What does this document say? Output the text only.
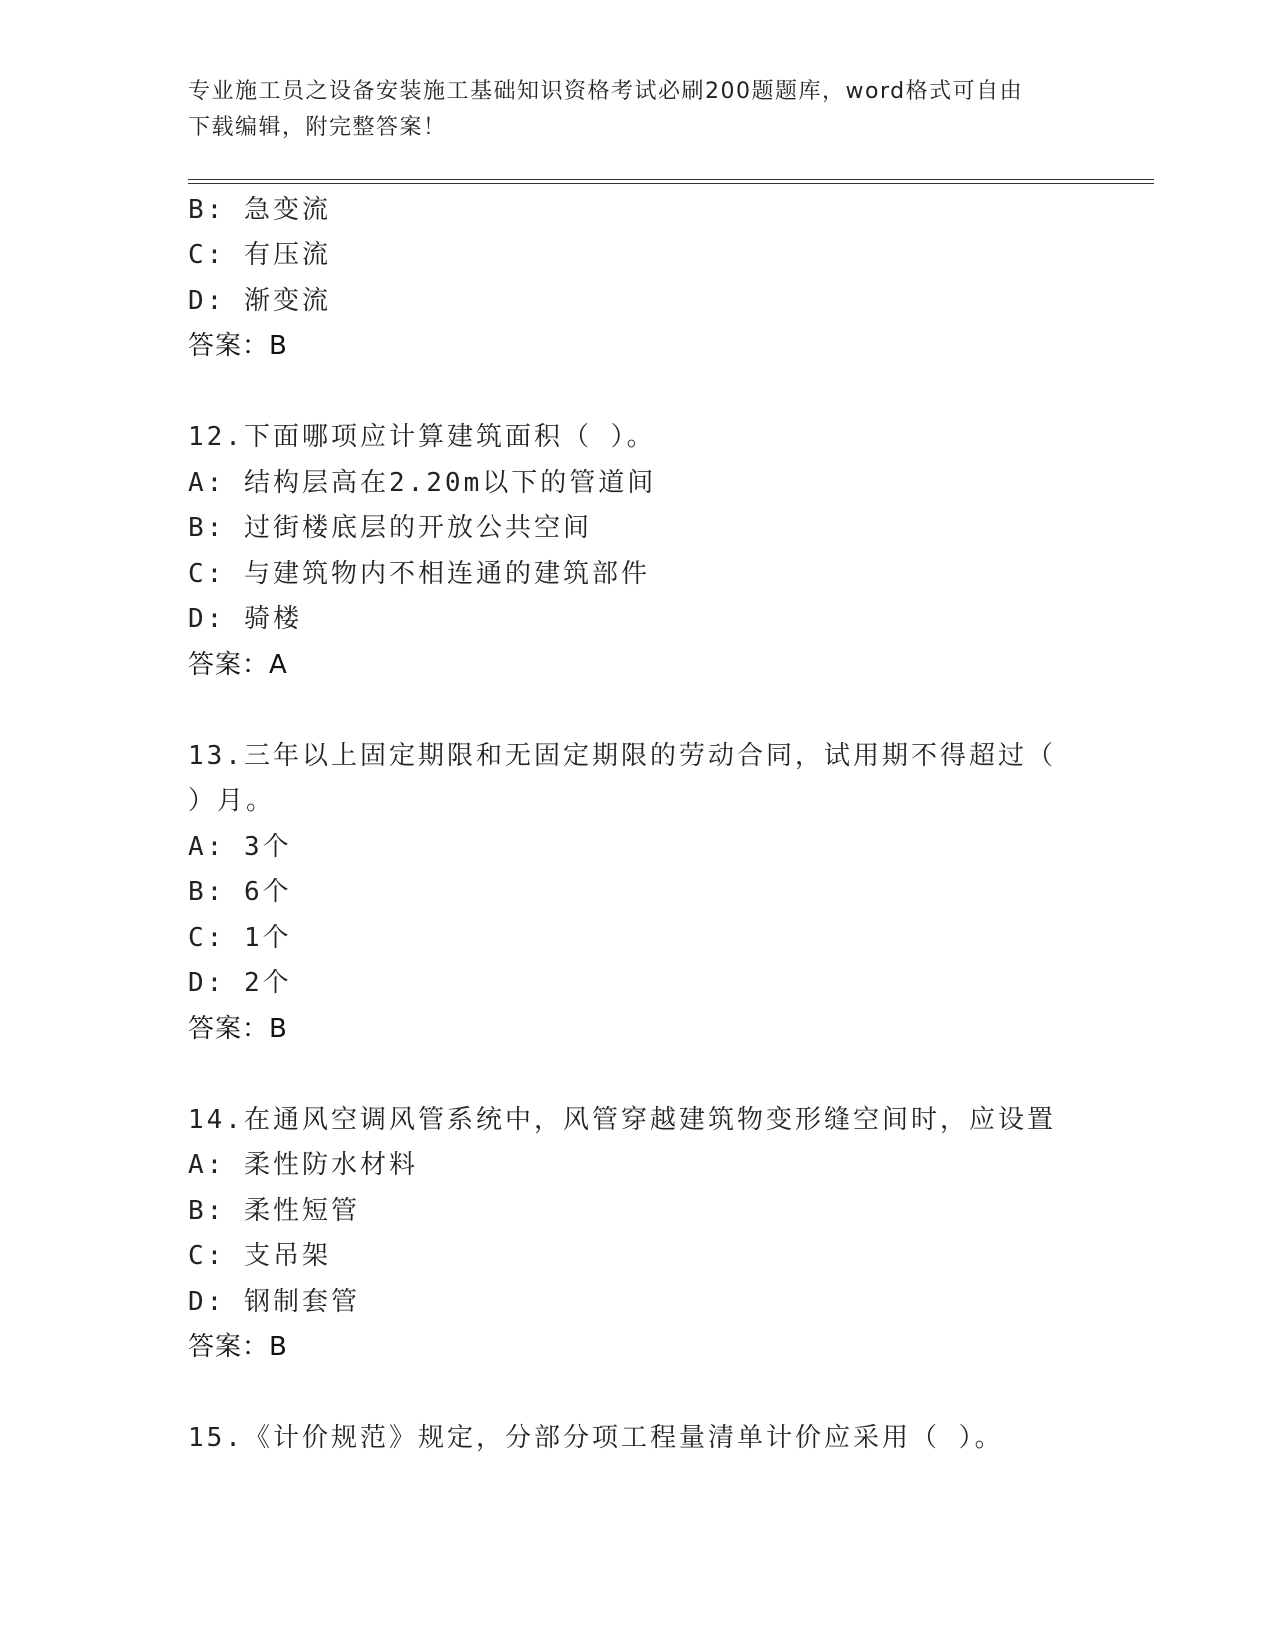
专业施工员之设备安装施工基础知识资格考试必刷200题题库，word格式可自由
下载编辑，附完整答案！
B: 急变流
C: 有压流
D: 渐变流
答案：B
12.下面哪项应计算建筑面积（ ）。
A: 结构层高在2.20m以下的管道间
B: 过街楼底层的开放公共空间
C: 与建筑物内不相连通的建筑部件
D: 骑楼
答案：A
13.三年以上固定期限和无固定期限的劳动合同，试用期不得超过（
）月。
A: 3个
B: 6个
C: 1个
D: 2个
答案：B
14.在通风空调风管系统中，风管穿越建筑物变形缝空间时，应设置
A: 柔性防水材料
B: 柔性短管
C: 支吊架
D: 钢制套管
答案：B
15.《计价规范》规定，分部分项工程量清单计价应采用（ ）。
